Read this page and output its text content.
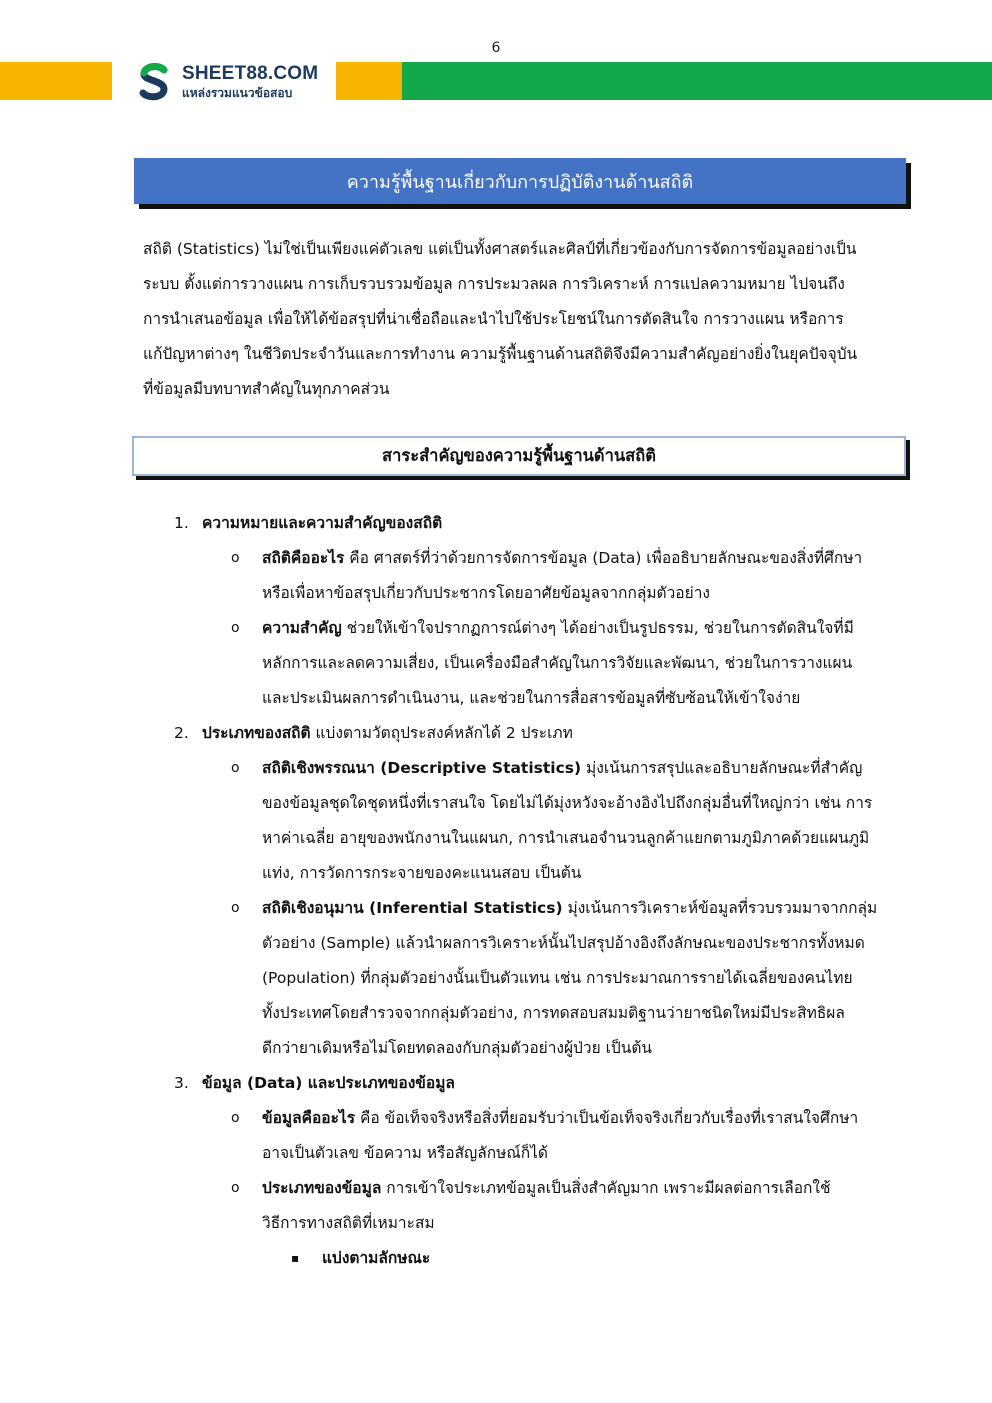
6
SHEET88.COM
แหล่งรวมแนวข้อสอบ
ความรู้พื้นฐานเกี่ยวกับการปฏิบัติงานด้านสถิติ
สถิติ (Statistics) ไม่ใช่เป็นเพียงแค่ตัวเลข แต่เป็นทั้งศาสตร์และศิลป์ที่เกี่ยวข้องกับการจัดการข้อมูลอย่างเป็น
ระบบ ตั้งแต่การวางแผน การเก็บรวบรวมข้อมูล การประมวลผล การวิเคราะห์ การแปลความหมาย ไปจนถึง
การนำเสนอข้อมูล เพื่อให้ได้ข้อสรุปที่น่าเชื่อถือและนำไปใช้ประโยชน์ในการตัดสินใจ การวางแผน หรือการ
แก้ปัญหาต่างๆ ในชีวิตประจำวันและการทำงาน ความรู้พื้นฐานด้านสถิติจึงมีความสำคัญอย่างยิ่งในยุคปัจจุบัน
ที่ข้อมูลมีบทบาทสำคัญในทุกภาคส่วน
สาระสำคัญของความรู้พื้นฐานด้านสถิติ
1. ความหมายและความสำคัญของสถิติ
o สถิติคืออะไร คือ ศาสตร์ที่ว่าด้วยการจัดการข้อมูล (Data) เพื่ออธิบายลักษณะของสิ่งที่ศึกษา
หรือเพื่อหาข้อสรุปเกี่ยวกับประชากรโดยอาศัยข้อมูลจากกลุ่มตัวอย่าง
o ความสำคัญ ช่วยให้เข้าใจปรากฏการณ์ต่างๆ ได้อย่างเป็นรูปธรรม, ช่วยในการตัดสินใจที่มี
หลักการและลดความเสี่ยง, เป็นเครื่องมือสำคัญในการวิจัยและพัฒนา, ช่วยในการวางแผน
และประเมินผลการดำเนินงาน, และช่วยในการสื่อสารข้อมูลที่ซับซ้อนให้เข้าใจง่าย
2. ประเภทของสถิติ แบ่งตามวัตถุประสงค์หลักได้ 2 ประเภท
o สถิติเชิงพรรณนา (Descriptive Statistics) มุ่งเน้นการสรุปและอธิบายลักษณะที่สำคัญ
ของข้อมูลชุดใดชุดหนึ่งที่เราสนใจ โดยไม่ได้มุ่งหวังจะอ้างอิงไปถึงกลุ่มอื่นที่ใหญ่กว่า เช่น การ
หาค่าเฉลี่ย อายุของพนักงานในแผนก, การนำเสนอจำนวนลูกค้าแยกตามภูมิภาคด้วยแผนภูมิ
แท่ง, การวัดการกระจายของคะแนนสอบ เป็นต้น
o สถิติเชิงอนุมาน (Inferential Statistics) มุ่งเน้นการวิเคราะห์ข้อมูลที่รวบรวมมาจากกลุ่ม
ตัวอย่าง (Sample) แล้วนำผลการวิเคราะห์นั้นไปสรุปอ้างอิงถึงลักษณะของประชากรทั้งหมด
(Population) ที่กลุ่มตัวอย่างนั้นเป็นตัวแทน เช่น การประมาณการรายได้เฉลี่ยของคนไทย
ทั้งประเทศโดยสำรวจจากกลุ่มตัวอย่าง, การทดสอบสมมติฐานว่ายาชนิดใหม่มีประสิทธิผล
ดีกว่ายาเดิมหรือไม่โดยทดลองกับกลุ่มตัวอย่างผู้ป่วย เป็นต้น
3. ข้อมูล (Data) และประเภทของข้อมูล
o ข้อมูลคืออะไร คือ ข้อเท็จจริงหรือสิ่งที่ยอมรับว่าเป็นข้อเท็จจริงเกี่ยวกับเรื่องที่เราสนใจศึกษา
อาจเป็นตัวเลข ข้อความ หรือสัญลักษณ์ก็ได้
o ประเภทของข้อมูล การเข้าใจประเภทข้อมูลเป็นสิ่งสำคัญมาก เพราะมีผลต่อการเลือกใช้
วิธีการทางสถิติที่เหมาะสม
▪ แบ่งตามลักษณะ
